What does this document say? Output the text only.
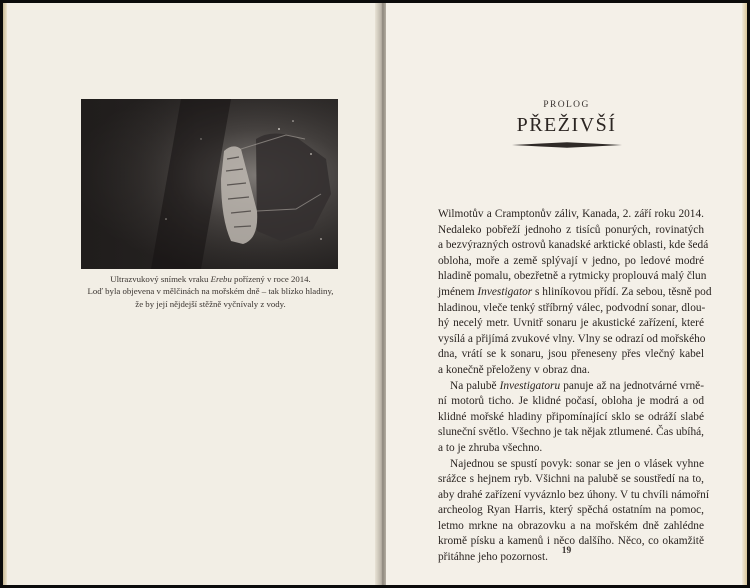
Ultrazvukový snímek vraku Erebu pořízený v roce 2014.
Loď byla objevena v mělčinách na mořském dně – tak blízko hladiny,
že by její nějdejší stěžně vyčnívaly z vody.
PROLOG
PŘEŽIVŠÍ

Wilmotův a Cramptonův záliv, Kanada, 2. září roku 2014.
Nedaleko pobřeží jednoho z tisíců ponurých, rovinatých
a bezvýrazných ostrovů kanadské arktické oblasti, kde šedá
obloha, moře a země splývají v jedno, po ledové modré
hladině pomalu, obezřetně a rytmicky proplouvá malý člun
jménem Investigator s hliníkovou přídí. Za sebou, těsně pod
hladinou, vleče tenký stříbrný válec, podvodní sonar, dlou-
hý necelý metr. Uvnitř sonaru je akustické zařízení, které
vysílá a přijímá zvukové vlny. Vlny se odrazí od mořského
dna, vrátí se k sonaru, jsou přeneseny přes vlečný kabel
a konečně přeloženy v obraz dna.

Na palubě Investigatoru panuje až na jednotvárné vrně-
ní motorů ticho. Je klidné počasí, obloha je modrá a od
klidné mořské hladiny připomínající sklo se odráží slabé
sluneční světlo. Všechno je tak nějak ztlumené. Čas ubíhá,
a to je zhruba všechno.

Najednou se spustí povyk: sonar se jen o vlásek vyhne
srážce s hejnem ryb. Všichni na palubě se soustředí na to,
aby drahé zařízení vyváznlo bez úhony. V tu chvíli námořní
archeolog Ryan Harris, který spěchá ostatním na pomoc,
letmo mrkne na obrazovku a na mořském dně zahlédne
kromě písku a kamenů i něco dalšího. Něco, co okamžitě
přitáhne jeho pozornost.

19
